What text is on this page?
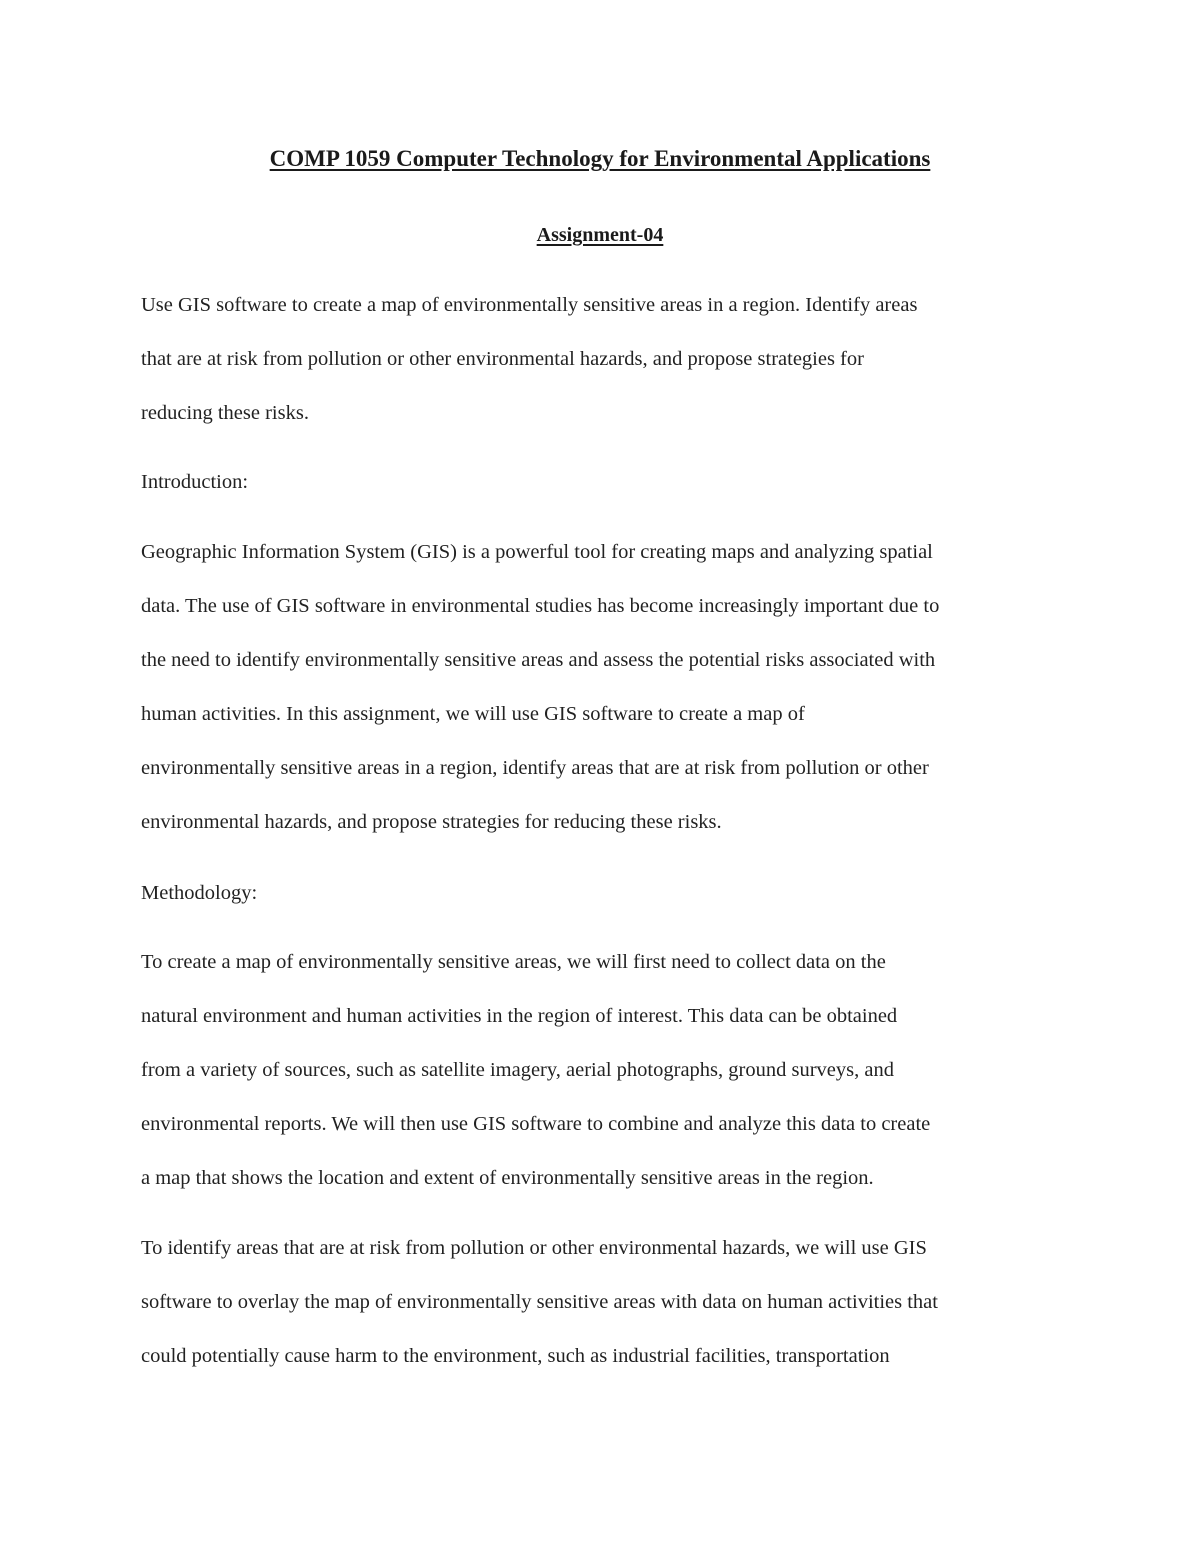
COMP 1059 Computer Technology for Environmental Applications
Assignment-04
Use GIS software to create a map of environmentally sensitive areas in a region. Identify areas
that are at risk from pollution or other environmental hazards, and propose strategies for
reducing these risks.
Introduction:
Geographic Information System (GIS) is a powerful tool for creating maps and analyzing spatial
data. The use of GIS software in environmental studies has become increasingly important due to
the need to identify environmentally sensitive areas and assess the potential risks associated with
human activities. In this assignment, we will use GIS software to create a map of
environmentally sensitive areas in a region, identify areas that are at risk from pollution or other
environmental hazards, and propose strategies for reducing these risks.
Methodology:
To create a map of environmentally sensitive areas, we will first need to collect data on the
natural environment and human activities in the region of interest. This data can be obtained
from a variety of sources, such as satellite imagery, aerial photographs, ground surveys, and
environmental reports. We will then use GIS software to combine and analyze this data to create
a map that shows the location and extent of environmentally sensitive areas in the region.
To identify areas that are at risk from pollution or other environmental hazards, we will use GIS
software to overlay the map of environmentally sensitive areas with data on human activities that
could potentially cause harm to the environment, such as industrial facilities, transportation
